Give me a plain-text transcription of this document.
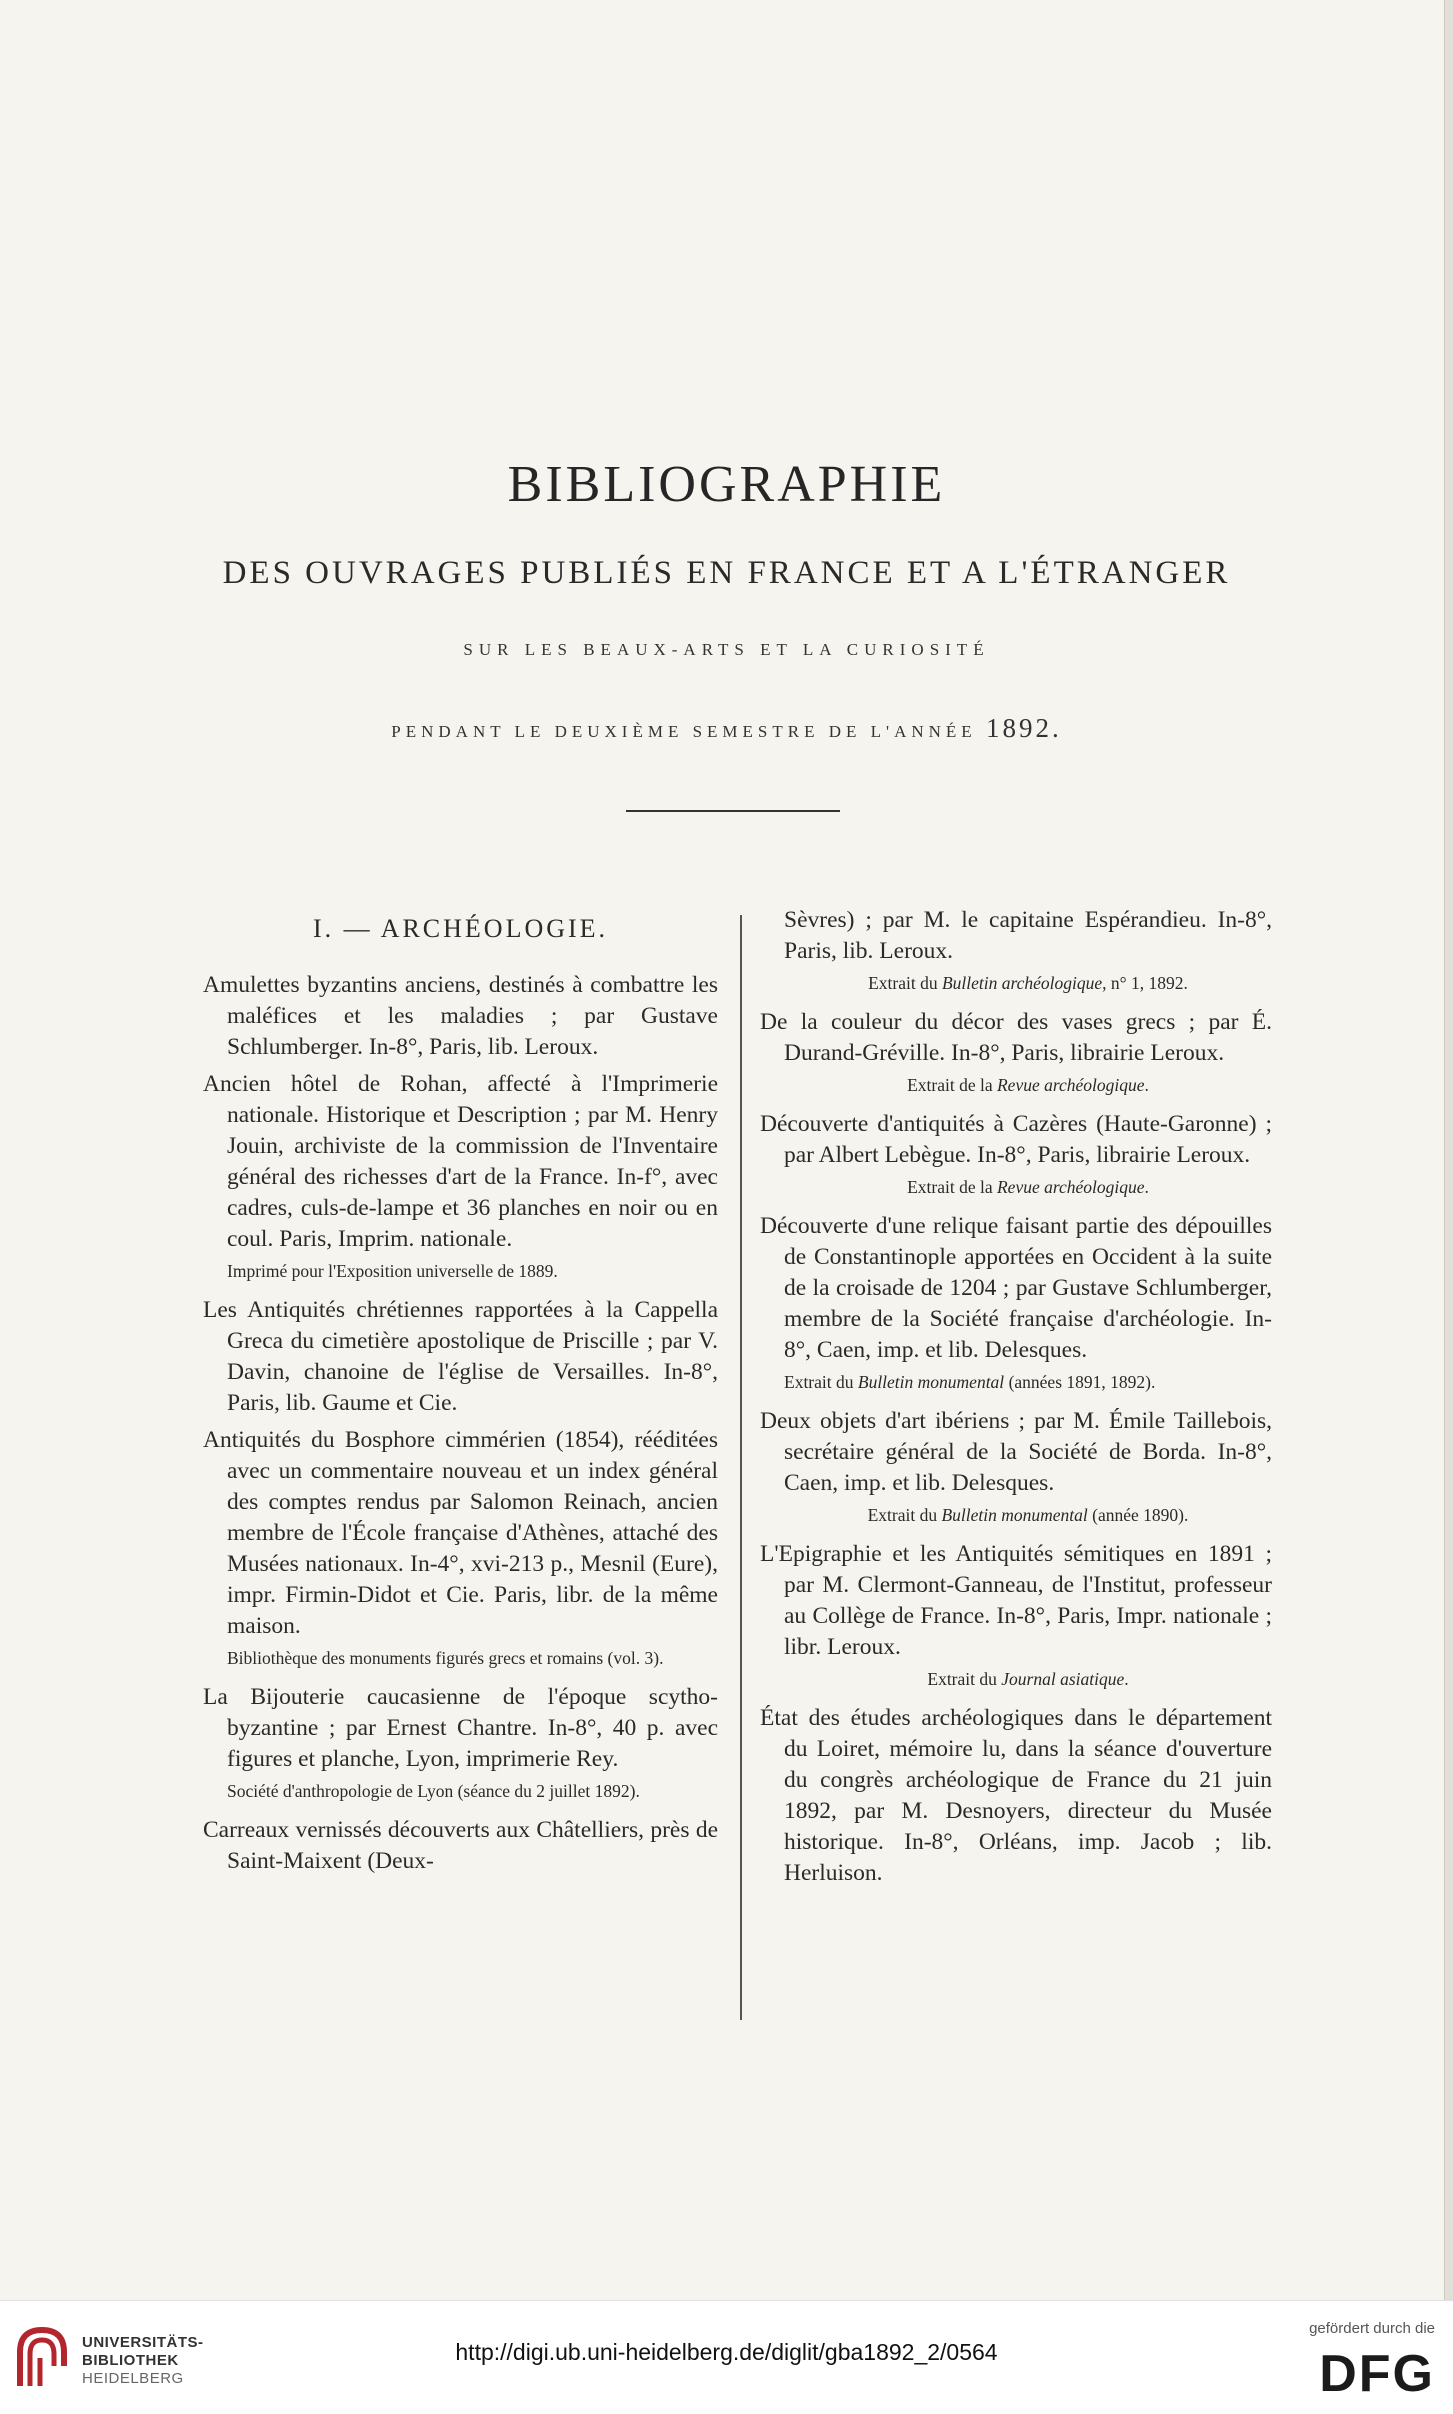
BIBLIOGRAPHIE
DES OUVRAGES PUBLIÉS EN FRANCE ET A L'ÉTRANGER
SUR LES BEAUX-ARTS ET LA CURIOSITÉ
PENDANT LE DEUXIÈME SEMESTRE DE L'ANNÉE 1892.
I. — ARCHÉOLOGIE.

Amulettes byzantins anciens, destinés à combattre les maléfices et les maladies ; par Gustave Schlumberger. In-8°, Paris, lib. Leroux.

Ancien hôtel de Rohan, affecté à l'Imprimerie nationale. Historique et Description ; par M. Henry Jouin, archiviste de la commission de l'Inventaire général des richesses d'art de la France. In-f°, avec cadres, culs-de-lampe et 36 planches en noir ou en coul. Paris, Imprim. nationale.

Imprimé pour l'Exposition universelle de 1889.

Les Antiquités chrétiennes rapportées à la Cappella Greca du cimetière apostolique de Priscille ; par V. Davin, chanoine de l'église de Versailles. In-8°, Paris, lib. Gaume et Cie.

Antiquités du Bosphore cimmérien (1854), rééditées avec un commentaire nouveau et un index général des comptes rendus par Salomon Reinach, ancien membre de l'École française d'Athènes, attaché des Musées nationaux. In-4°, xvi-213 p., Mesnil (Eure), impr. Firmin-Didot et Cie. Paris, libr. de la même maison.

Bibliothèque des monuments figurés grecs et romains (vol. 3).

La Bijouterie caucasienne de l'époque scytho-byzantine ; par Ernest Chantre. In-8°, 40 p. avec figures et planche, Lyon, imprimerie Rey.

Société d'anthropologie de Lyon (séance du 2 juillet 1892).

Carreaux vernissés découverts aux Châtelliers, près de Saint-Maixent (Deux-

Sèvres) ; par M. le capitaine Espérandieu. In-8°, Paris, lib. Leroux.

Extrait du Bulletin archéologique, n° 1, 1892.

De la couleur du décor des vases grecs ; par É. Durand-Gréville. In-8°, Paris, librairie Leroux.

Extrait de la Revue archéologique.

Découverte d'antiquités à Cazères (Haute-Garonne) ; par Albert Lebègue. In-8°, Paris, librairie Leroux.

Extrait de la Revue archéologique.

Découverte d'une relique faisant partie des dépouilles de Constantinople apportées en Occident à la suite de la croisade de 1204 ; par Gustave Schlumberger, membre de la Société française d'archéologie. In-8°, Caen, imp. et lib. Delesques.

Extrait du Bulletin monumental (années 1891, 1892).

Deux objets d'art ibériens ; par M. Émile Taillebois, secrétaire général de la Société de Borda. In-8°, Caen, imp. et lib. Delesques.

Extrait du Bulletin monumental (année 1890).

L'Epigraphie et les Antiquités sémitiques en 1891 ; par M. Clermont-Ganneau, de l'Institut, professeur au Collège de France. In-8°, Paris, Impr. nationale ; libr. Leroux.

Extrait du Journal asiatique.

État des études archéologiques dans le département du Loiret, mémoire lu, dans la séance d'ouverture du congrès archéologique de France du 21 juin 1892, par M. Desnoyers, directeur du Musée historique. In-8°, Orléans, imp. Jacob ; lib. Herluison.

UNIVERSITÄTS-
BIBLIOTHEK
HEIDELBERG
http://digi.ub.uni-heidelberg.de/diglit/gba1892_2/0564
gefördert durch die
DFG
